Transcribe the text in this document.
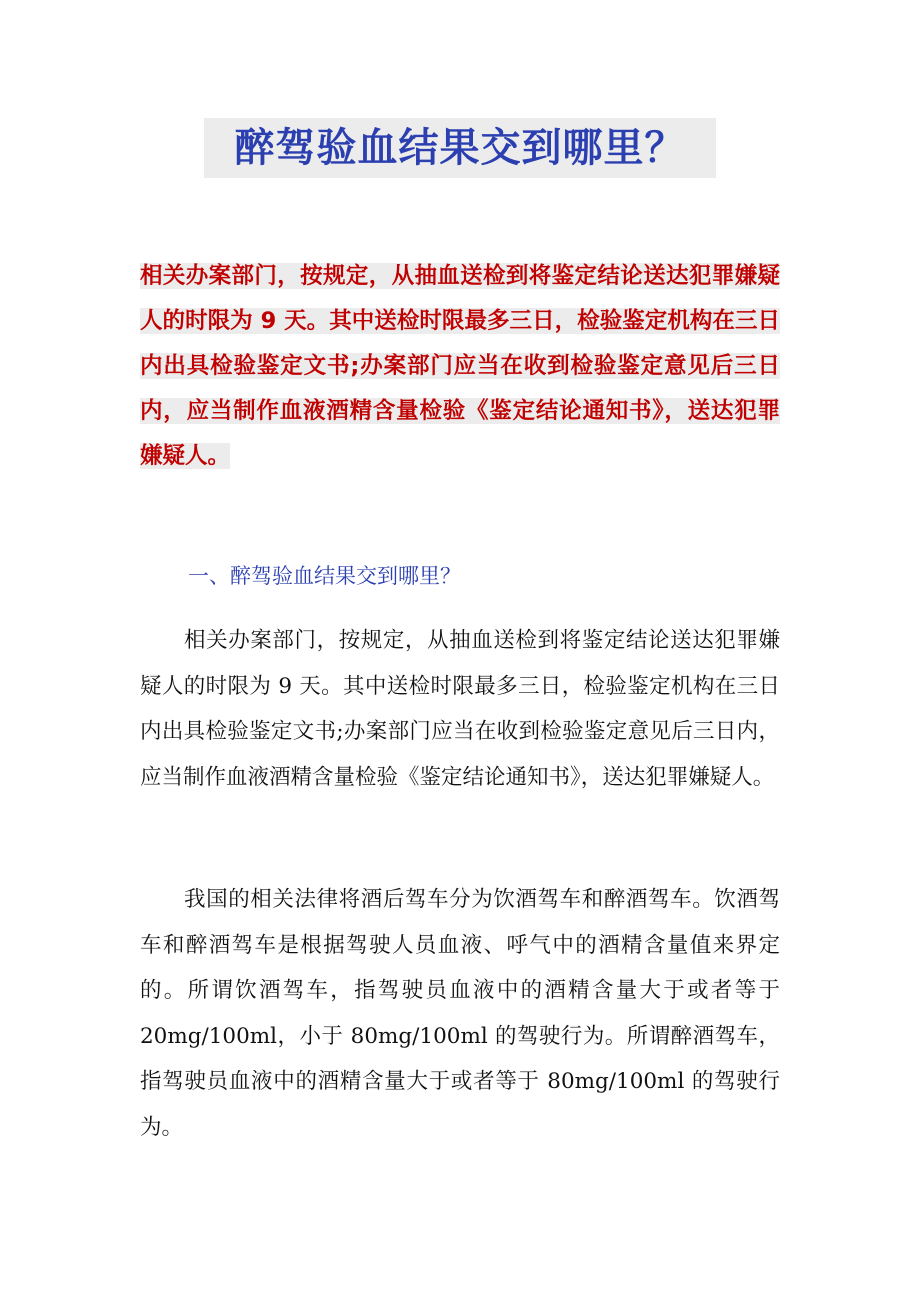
醉驾验血结果交到哪里？

相关办案部门，按规定，从抽血送检到将鉴定结论送达犯罪嫌疑人的时限为 9 天。其中送检时限最多三日，检验鉴定机构在三日内出具检验鉴定文书;办案部门应当在收到检验鉴定意见后三日内，应当制作血液酒精含量检验《鉴定结论通知书》，送达犯罪嫌疑人。

一、醉驾验血结果交到哪里？

相关办案部门，按规定，从抽血送检到将鉴定结论送达犯罪嫌疑人的时限为 9 天。其中送检时限最多三日，检验鉴定机构在三日内出具检验鉴定文书;办案部门应当在收到检验鉴定意见后三日内，应当制作血液酒精含量检验《鉴定结论通知书》，送达犯罪嫌疑人。

我国的相关法律将酒后驾车分为饮酒驾车和醉酒驾车。饮酒驾车和醉酒驾车是根据驾驶人员血液、呼气中的酒精含量值来界定的。所谓饮酒驾车，指驾驶员血液中的酒精含量大于或者等于 20mg/100ml，小于 80mg/100ml 的驾驶行为。所谓醉酒驾车，指驾驶员血液中的酒精含量大于或者等于 80mg/100ml 的驾驶行为。
